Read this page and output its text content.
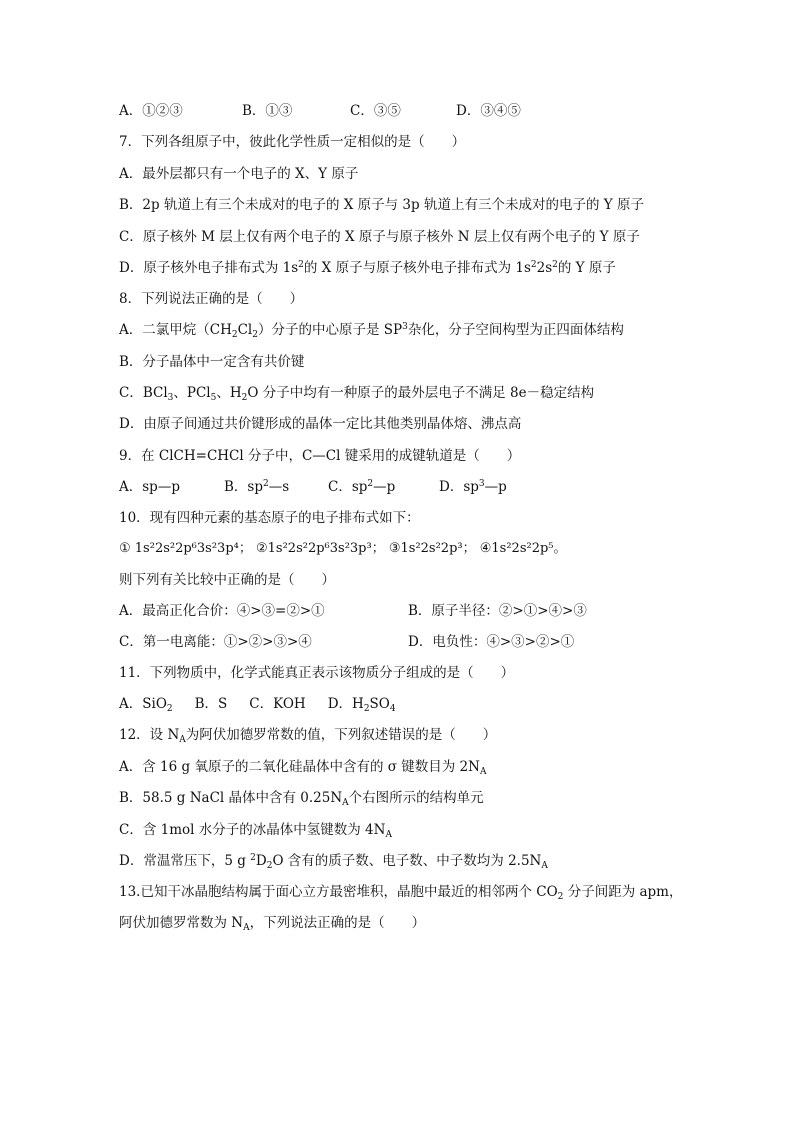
A．①②③	B．①③	C．③⑤	D．③④⑤
7．下列各组原子中，彼此化学性质一定相似的是（　　）
A．最外层都只有一个电子的 X、Y 原子
B．2p 轨道上有三个未成对的电子的 X 原子与 3p 轨道上有三个未成对的电子的 Y 原子
C．原子核外 M 层上仅有两个电子的 X 原子与原子核外 N 层上仅有两个电子的 Y 原子
D．原子核外电子排布式为 $1s^2$的 X 原子与原子核外电子排布式为 $1s^22s^2$的 Y 原子
8．下列说法正确的是（　　）
A．二氯甲烷$(CH_2Cl_2)$分子的中心原子是 $SP^3$杂化，分子空间构型为正四面体结构
B．分子晶体中一定含有共价键
C．BCl$_3$、PCl$_5$、$H_2O$ 分子中均有一种原子的最外层电子不满足 8e－稳定结构
D．由原子间通过共价键形成的晶体一定比其他类别晶体熔、沸点高
9．在 ClCH=CHCl 分子中，C—Cl 键采用的成键轨道是（　　）
A．sp—p	B．$sp^2—s$	C．$sp^2—p$	D．$sp^3—p$
10．现有四种元素的基态原子的电子排布式如下：
① 1s²2s²2p⁶3s²3p⁴； ②1s²2s²2p⁶3s²3p³； ③1s²2s²2p³； ④1s²2s²2p⁵。
则下列有关比较中正确的是（　　）
A．最高正化合价：④>③=②>①	B．原子半径：②>①>④>③
C．第一电离能：①>②>③>④	D．电负性：④>③>②>①
11．下列物质中，化学式能真正表示该物质分子组成的是（　　）
A．SiO$_2$ B．S C．KOH D．$H_2SO_4$
12．设 $N_A$为阿伏加德罗常数的值，下列叙述错误的是（　　）
A．含 16 g 氧原子的二氧化硅晶体中含有的 σ 键数目为 $2N_A$
B．58.5 g NaCl 晶体中含有 $0.25N_A$个右图所示的结构单元
C．含 1mol 水分子的冰晶体中氢键数为 $4N_A$
D．常温常压下，5 g $^2D_2O$ 含有的质子数、电子数、中子数均为 $2.5N_A$
13.已知干冰晶胞结构属于面心立方最密堆积，晶胞中最近的相邻两个 $CO_2$ 分子间距为 apm，
阿伏加德罗常数为 $N_A$，下列说法正确的是（　　）
